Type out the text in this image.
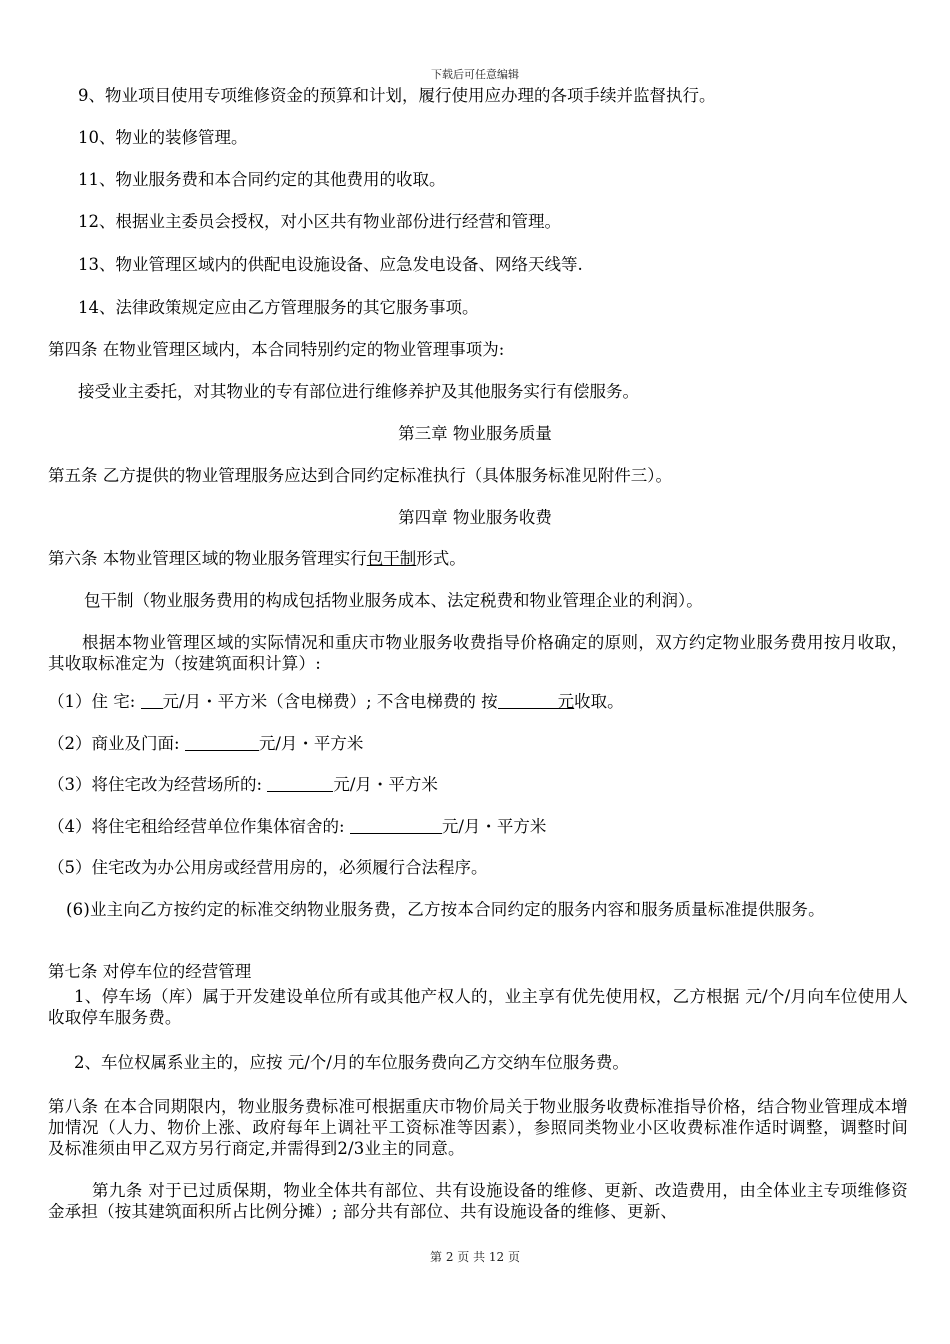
下载后可任意编辑
9、物业项目使用专项维修资金的预算和计划，履行使用应办理的各项手续并监督执行。
10、物业的装修管理。
11、物业服务费和本合同约定的其他费用的收取。
12、根据业主委员会授权，对小区共有物业部份进行经营和管理。
13、物业管理区域内的供配电设施设备、应急发电设备、网络天线等.
14、法律政策规定应由乙方管理服务的其它服务事项。
第四条 在物业管理区域内，本合同特别约定的物业管理事项为:
接受业主委托，对其物业的专有部位进行维修养护及其他服务实行有偿服务。
第三章 物业服务质量
第五条 乙方提供的物业管理服务应达到合同约定标准执行（具体服务标准见附件三）。
第四章 物业服务收费
第六条 本物业管理区域的物业服务管理实行包干制形式。
包干制（物业服务费用的构成包括物业服务成本、法定税费和物业管理企业的利润）。
根据本物业管理区域的实际情况和重庆市物业服务收费指导价格确定的原则，双方约定物业服务费用按月收取，其收取标准定为（按建筑面积计算）:
（1）住 宅: 元/月・平方米（含电梯费）; 不含电梯费的 按	元收取。
（2）商业及门面:	元/月・平方米
（3）将住宅改为经营场所的:	元/月・平方米
（4）将住宅租给经营单位作集体宿舍的:	元/月・平方米
（5）住宅改为办公用房或经营用房的，必须履行合法程序。
(6)业主向乙方按约定的标准交纳物业服务费，乙方按本合同约定的服务内容和服务质量标准提供服务。
第七条 对停车位的经营管理
1、停车场（库）属于开发建设单位所有或其他产权人的，业主享有优先使用权，乙方根据 元/个/月向车位使用人收取停车服务费。
2、车位权属系业主的，应按 元/个/月的车位服务费向乙方交纳车位服务费。
第八条 在本合同期限内，物业服务费标准可根据重庆市物价局关于物业服务收费标准指导价格，结合物业管理成本增加情况（人力、物价上涨、政府每年上调社平工资标准等因素），参照同类物业小区收费标准作适时调整，调整时间及标准须由甲乙双方另行商定,并需得到2/3业主的同意。
第九条 对于已过质保期，物业全体共有部位、共有设施设备的维修、更新、改造费用，由全体业主专项维修资金承担（按其建筑面积所占比例分摊）; 部分共有部位、共有设施设备的维修、更新、
第 2 页 共 12 页
